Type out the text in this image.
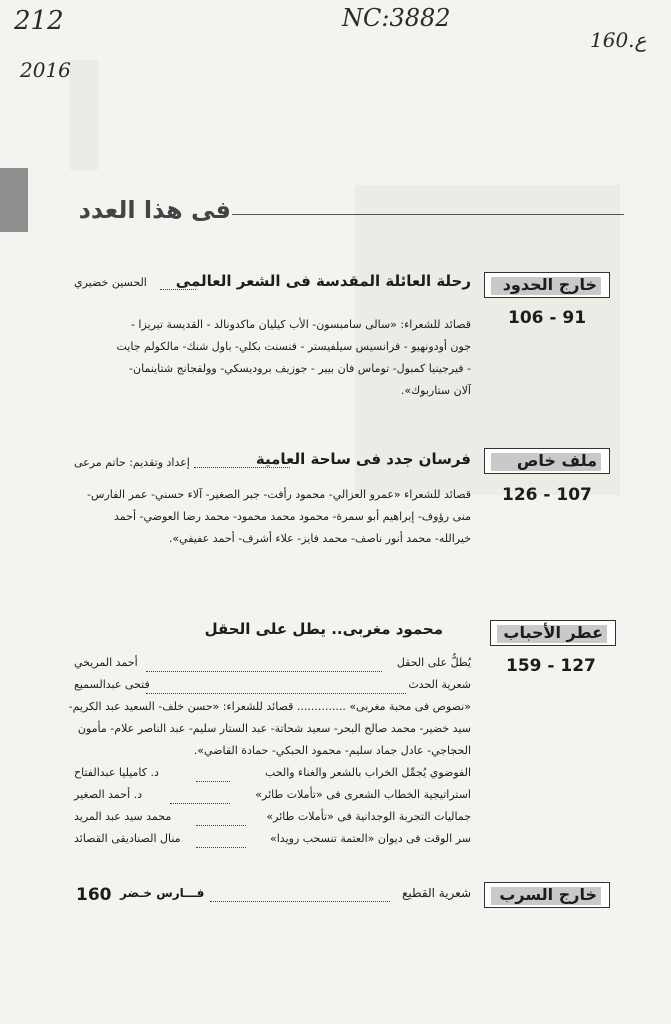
212
2016
NC:3882
160.ع
فى هذا العدد
خارج الحدود
106 - 91
رحلة العائلة المقدسة فى الشعر العالمى
الحسين خضيري
قصائد للشعراء: «سالى سامبسون- الأب كيليان ماكدونالد - القديسة تيريزا -
جون أودونهيو - فرانسيس سيلفيستر - فنسنت بكلي- باول شنك- مالكولم جايت
- فيرجينيا كمبول- توماس فان بيير - جوزيف برودیسكي- وولفجانج شتاينمان-
آلان ستاربوك».
ملف خاص
126 - 107
فرسان جدد فى ساحة العامية
إعداد وتقديم: حاتم مرعى
قصائد للشعراء «عمرو العزالي- محمود رأفت- جبر الصغير- آلاء حسني- عمر الفارس-
منى رؤوف- إبراهيم أبو سمرة- محمود محمد محمود- محمد رضا العوضي- أحمد
خيرالله- محمد أنور ناصف- محمد فايز- علاء أشرف- أحمد عفيفي».
عطر الأحباب
159 - 127
محمود مغربى.. يطل على الحقل
يُطلُّ على الحقل
أحمد المريخي
شعرية الحدث
فتحى عبدالسميع
«نصوص فى محبة مغربى» .............. قصائد للشعراء: «حسن خلف- السعيد عبد الكريم-
سيد خضير- محمد صالح البحر- سعيد شحاتة- عبد الستار سليم- عبد الناصر علام- مأمون
الحجاجي- عادل جماد سليم- محمود الحبكي- حمادة القاضي».
الفوضوي يُجمِّل الخراب بالشعر والغناء والحب
د. كاميليا عبدالفتاح
استراتيجية الخطاب الشعرى فى «تأملات طائر»
د. أحمد الصغير
جماليات التجربة الوجدانية فى «تأملات طائر»
محمد سيد عبد المريد
سر الوقت فى ديوان «العتمة تنسحب رويدا»
منال الصناديقى القصائد
خارج السرب
شعرية القطيع
فـــارس خـضر
160
